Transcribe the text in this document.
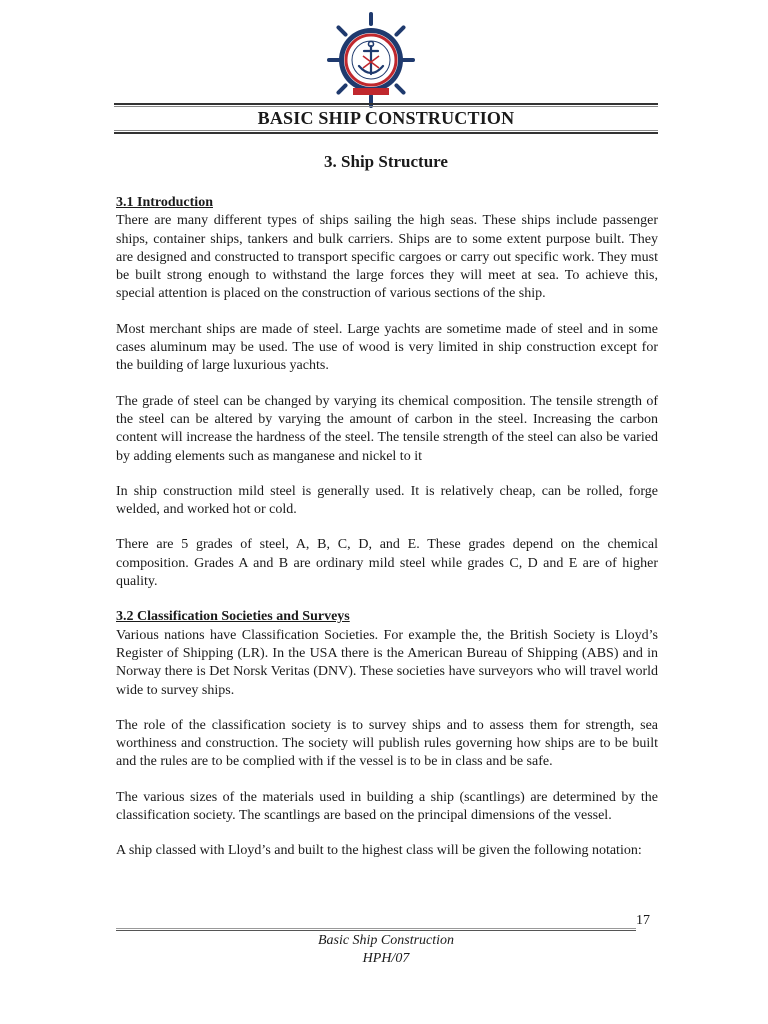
BASIC SHIP CONSTRUCTION
3. Ship Structure
3.1 Introduction

There are many different types of ships sailing the high seas. These ships include passenger ships, container ships, tankers and bulk carriers. Ships are to some extent purpose built. They are designed and constructed to transport specific cargoes or carry out specific work. They must be built strong enough to withstand the large forces they will meet at sea. To achieve this, special attention is placed on the construction of various sections of the ship.

Most merchant ships are made of steel. Large yachts are sometime made of steel and in some cases aluminum may be used. The use of wood is very limited in ship construction except for the building of large luxurious yachts.

The grade of steel can be changed by varying its chemical composition. The tensile strength of the steel can be altered by varying the amount of carbon in the steel. Increasing the carbon content will increase the hardness of the steel. The tensile strength of the steel can also be varied by adding elements such as manganese and nickel to it

In ship construction mild steel is generally used. It is relatively cheap, can be rolled, forge welded, and worked hot or cold.

There are 5 grades of steel, A, B, C, D, and E. These grades depend on the chemical composition. Grades A and B are ordinary mild steel while grades C, D and E are of higher quality.

3.2 Classification Societies and Surveys

Various nations have Classification Societies. For example the, the British Society is Lloyd’s Register of Shipping (LR). In the USA there is the American Bureau of Shipping (ABS) and in Norway there is Det Norsk Veritas (DNV). These societies have surveyors who will travel world wide to survey ships.

The role of the classification society is to survey ships and to assess them for strength, sea worthiness and construction. The society will publish rules governing how ships are to be built and the rules are to be complied with if the vessel is to be in class and be safe.

The various sizes of the materials used in building a ship (scantlings) are determined by the classification society. The scantlings are based on the principal dimensions of the vessel.

A ship classed with Lloyd’s and built to the highest class will be given the following notation:

17
Basic Ship Construction
HPH/07
